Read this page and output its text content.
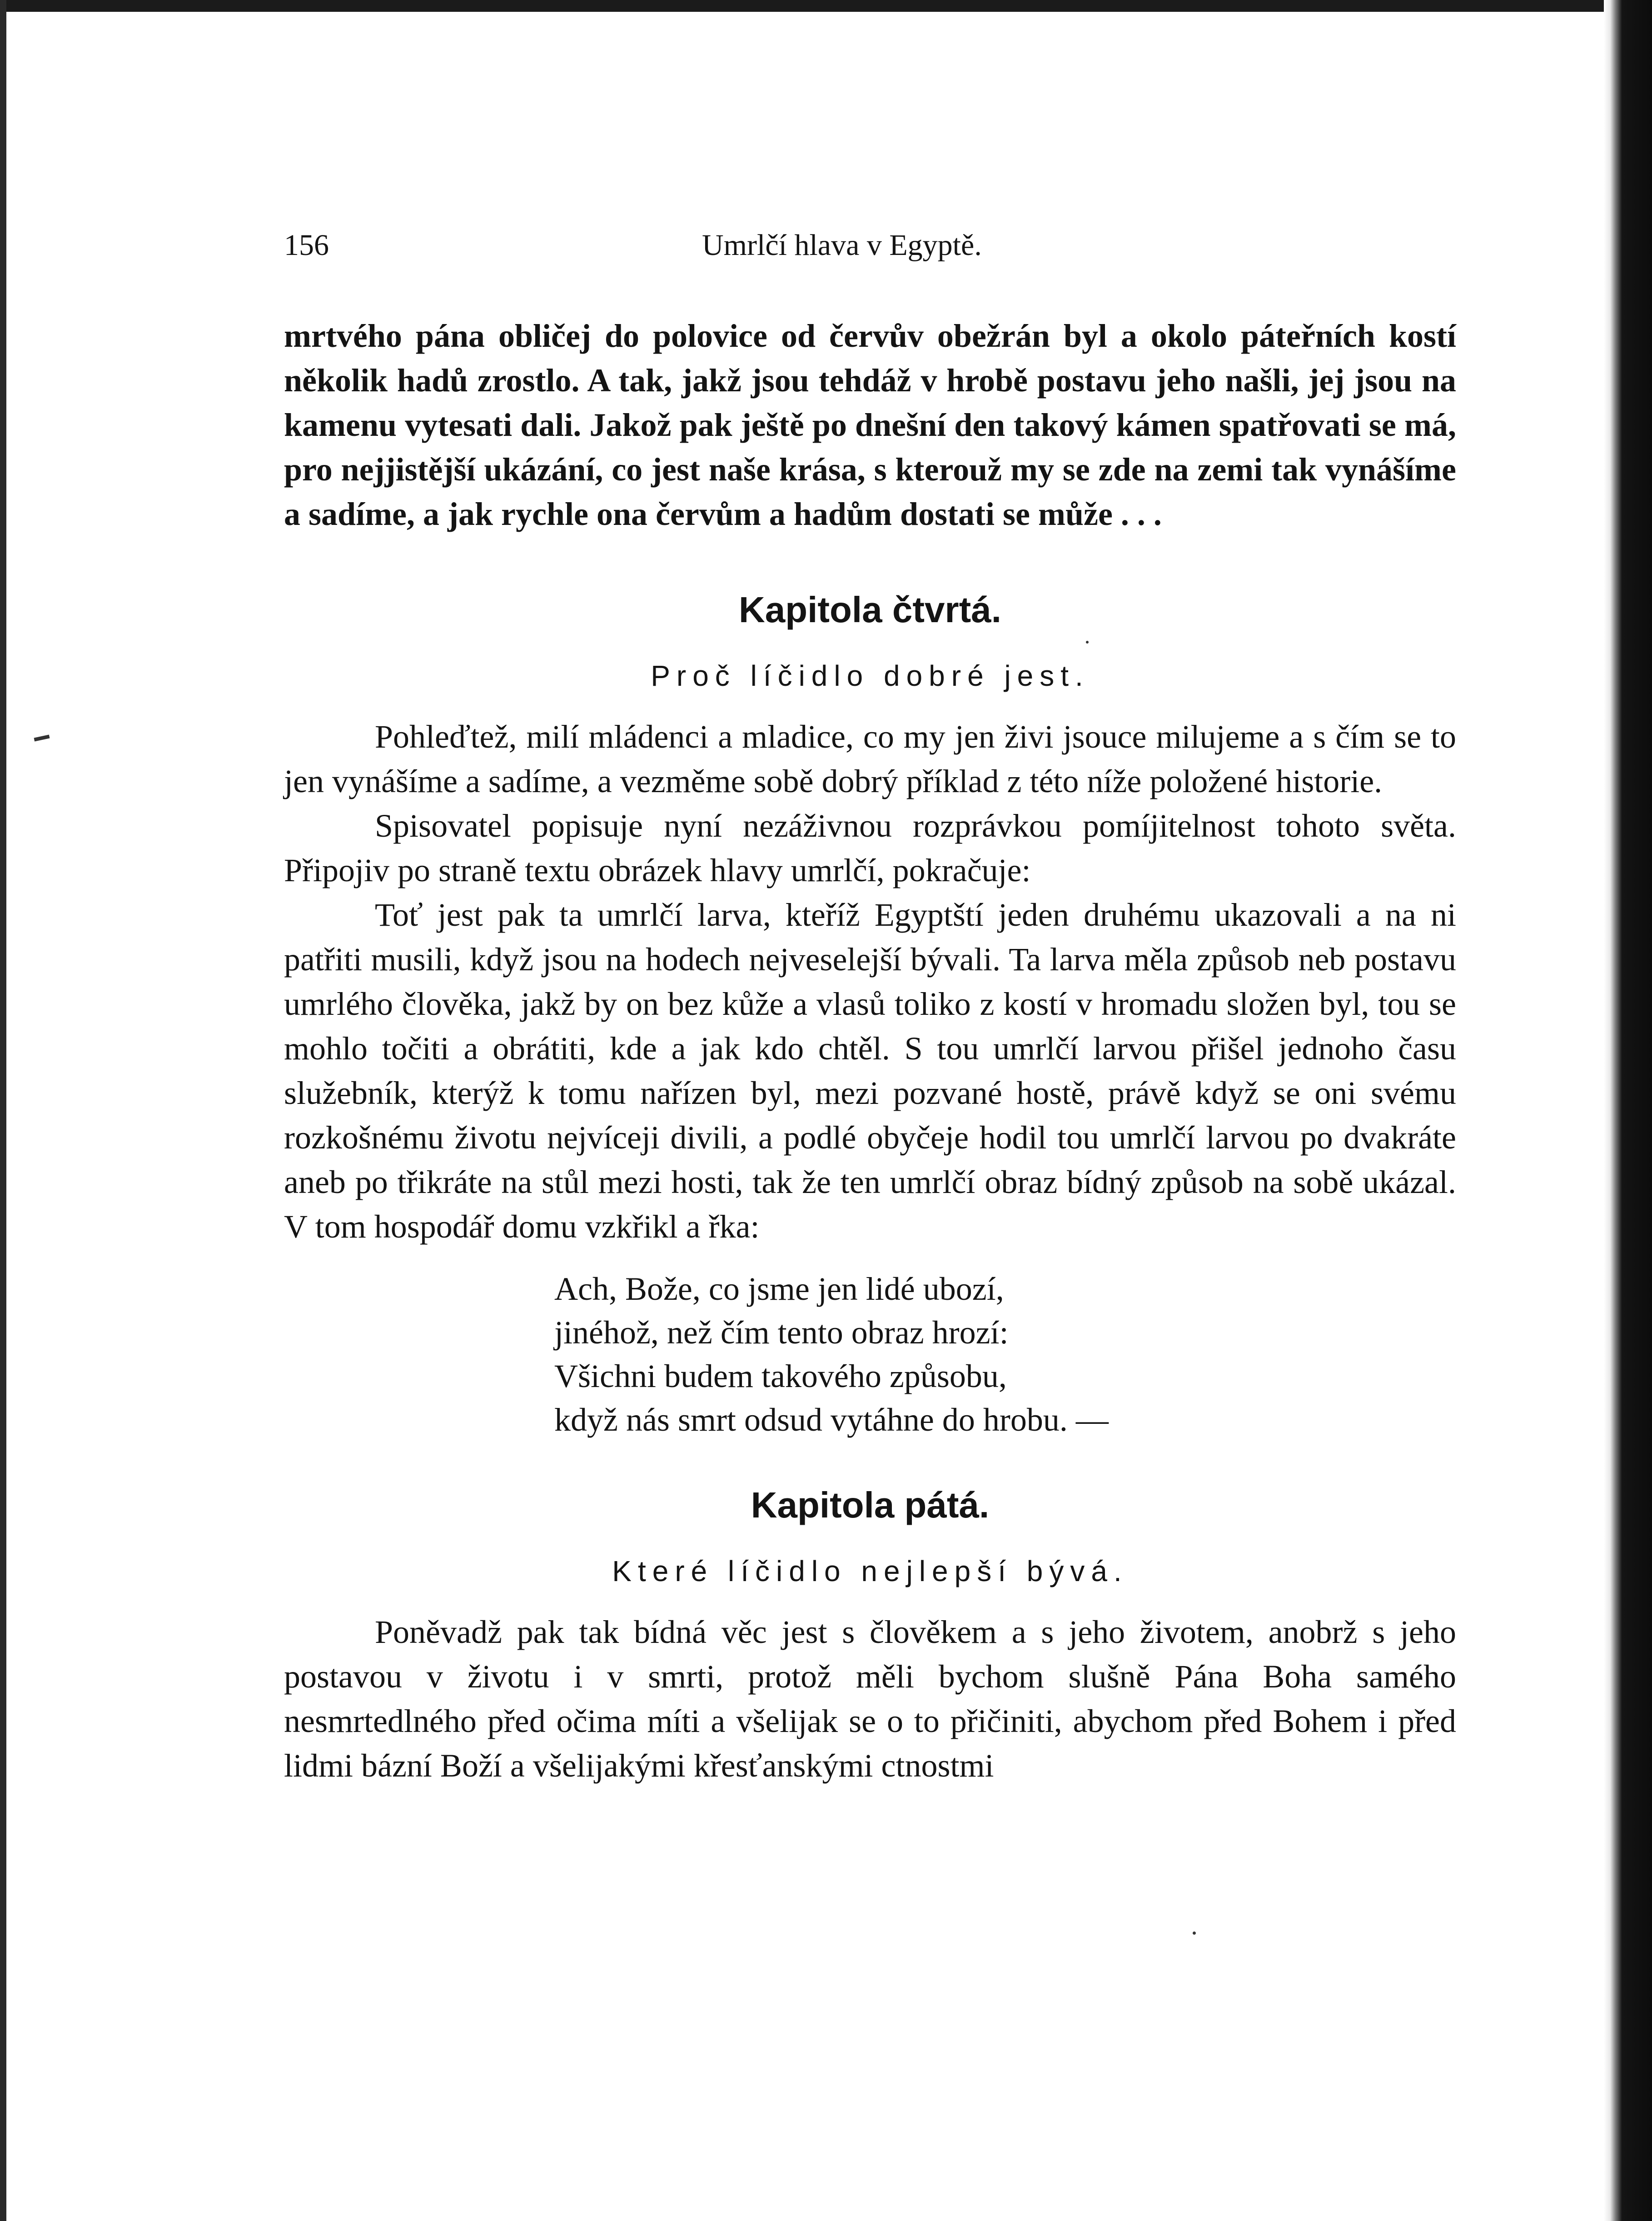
156	Umrlčí hlava v Egyptě.

mrtvého pána obličej do polovice od červův obežrán byl a okolo páteřních kostí několik hadů zrostlo. A tak, jakž jsou tehdáž v hrobě postavu jeho našli, jej jsou na kamenu vytesati dali. Jakož pak ještě po dnešní den takový kámen spatřovati se má, pro nejjistější ukázání, co jest naše krása, s kterouž my se zde na zemi tak vynášíme a sadíme, a jak rychle ona červům a hadům dostati se může . . .

Kapitola čtvrtá.

Proč líčidlo dobré jest.

Pohleďtež, milí mládenci a mladice, co my jen živi jsouce milujeme a s čím se to jen vynášíme a sadíme, a vezměme sobě dobrý příklad z této níže položené historie.

Spisovatel popisuje nyní nezáživnou rozprávkou pomíjitelnost tohoto světa. Připojiv po straně textu obrázek hlavy umrlčí, pokračuje:

Toť jest pak ta umrlčí larva, kteříž Egyptští jeden druhému ukazovali a na ni patřiti musili, když jsou na hodech nejveselejší bývali. Ta larva měla způsob neb postavu umrlého člověka, jakž by on bez kůže a vlasů toliko z kostí v hromadu složen byl, tou se mohlo točiti a obrátiti, kde a jak kdo chtěl. S tou umrlčí larvou přišel jednoho času služebník, kterýž k tomu nařízen byl, mezi pozvané hostě, právě když se oni svému rozkošnému životu nejvíceji divili, a podlé obyčeje hodil tou umrlčí larvou po dvakráte aneb po třikráte na stůl mezi hosti, tak že ten umrlčí obraz bídný způsob na sobě ukázal. V tom hospodář domu vzkřikl a řka:

Ach, Bože, co jsme jen lidé ubozí,
jinéhož, než čím tento obraz hrozí:
Všichni budem takového způsobu,
když nás smrt odsud vytáhne do hrobu. —
Kapitola pátá.

Které líčidlo nejlepší bývá.

Poněvadž pak tak bídná věc jest s člověkem a s jeho životem, anobrž s jeho postavou v životu i v smrti, protož měli bychom slušně Pána Boha samého nesmrtedlného před očima míti a všelijak se o to přičiniti, abychom před Bohem i před lidmi bázní Boží a všelijakými křesťanskými ctnostmi
